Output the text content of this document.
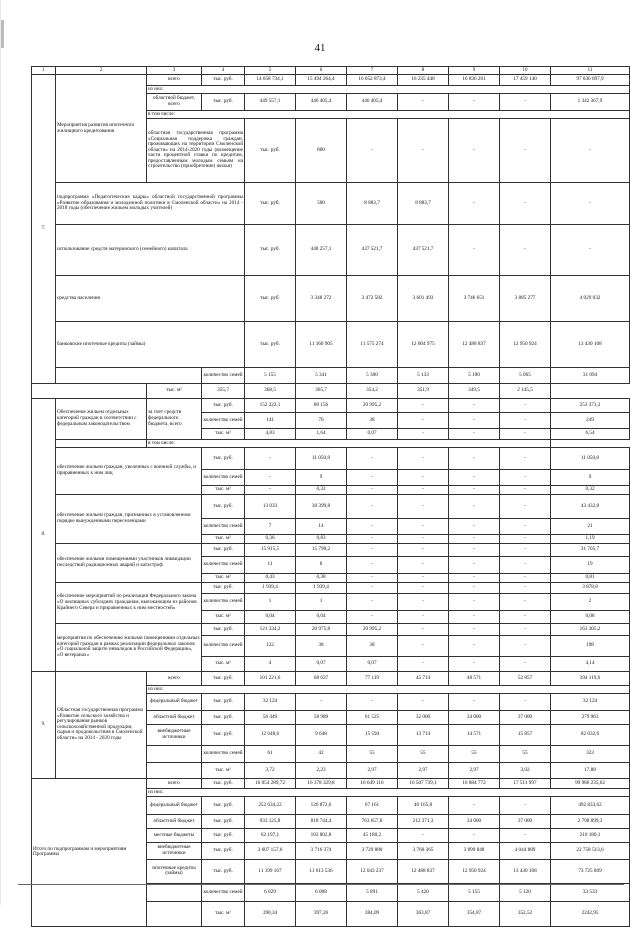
41
1	2	3	4	5	6	7	8	9	10	11	
7.	Мероприятия развития ипотечного жилищного кредитования	всего	тыс. руб.	14 058 734,1	15 494 264,4	16 052 873,4	16 235 448	16 836 201	17 459 140	97 036 697,9	
		из них:									
		областной бюджет, всего	тыс. руб.	449 557,1	446 405,4	446 405,4	-	-	-	1 342 367,9	
		в том числе:									
		областная государственная программа «Социальная поддержка граждан, проживающих на территории Смоленской области» на 2014-2020 годы (возмещение части процентной ставки по кредитам, предоставленным молодым семьям на строительство (приобретение) жилья)		тыс. руб.	800	-	-	-	-	-	
	подпрограмма «Педагогические кадры» областной государственной программы «Развитие образования и молодежной политики в Смоленской области» на 2014 - 2018 годы (обеспечение жильем молодых учителей)			тыс. руб.	500	8 883,7	8 883,7	-	-	-	
	использование средств материнского (семейного) капитала			тыс. руб.	448 257,1	437 521,7	437 521,7	-	-	-	
	средства населения			тыс. руб.	3 348 272	3 472 582	3 601 493	3 746 651	3 885 277	4 029 032	
	банковские ипотечные кредиты (займы)			тыс. руб.	11 160 905	11 575 274	12 004 975	12 488 837	12 950 924	13 430 108	
			количество семей	5 155	5 341	5 300	5 133	5 100	5 065	31 094	
		тыс. м²	355,7	368,5	365,7	354,2	351,9	349,5	2 145,5		
8.	Обеспечение жильем отдельных категорий граждан в соответствии с федеральным законодательством	за счет средств федерального бюджета, всего	тыс. руб.	152 222,1	80 156	20 995,2	-	-	-	253 373,3	
			количество семей	141	70	38	-	-	-	249	
			тыс. м²	4,83	1,64	0,07	-	-	-	6,54	
		в том числе:									
	обеспечение жильем граждан, уволенных с военной службы, и приравненных к ним лиц		тыс. руб.	-	11 050,8	-	-	-	-	11 050,8	
			количество семей	-	9	-	-	-	-	9	
			тыс. м²	-	0,32	-	-	-	-	0,32	
	обеспечение жильем граждан, признанных в установленном порядке вынужденными переселенцами		тыс. руб.	13 033	30 399,8	-	-	-	-	43 432,8	
			количество семей	7	14	-	-	-	-	21	
			тыс. м²	0,36	0,83	-	-	-	-	1,19	
	обеспечение жилыми помещениями участников ликвидации последствий радиационных аварий и катастроф		тыс. руб.	15 915,5	15 790,2	-	-	-	-	31 705,7	
			количество семей	11	8	-	-	-	-	19	
			тыс. м²	0,43	0,38	-	-	-	-	0,81	
	обеспечение мероприятий по реализации Федерального закона «О жилищных субсидиях гражданам, выезжающим из районов Крайнего Севера и приравненных к ним местностей»		тыс. руб.	1 939,4	1 939,4	-	-	-	-	3 878,8	
			количество семей	1	1	-	-	-	-	2	
			тыс. м²	0,04	0,04	-	-	-	-	0,08	
	мероприятия по обеспечению жилыми помещениями отдельных категорий граждан в рамках реализации федеральных законов «О социальной защите инвалидов в Российской Федерации», «О ветеранах»		тыс. руб.	121 334,2	20 975,8	20 995,2	-	-	-	163 305,2	
			количество семей	122	38	38	-	-	-	198	
			тыс. м²	4	0,07	0,07	-	-	-	4,14	
9.	Областная государственная программа «Развитие сельского хозяйства и регулирования рынков сельскохозяйственной продукции, сырья и продовольствия в Смоленской области» на 2014 - 2020 годы	всего	тыс. руб.	101 221,6	68 637	77 119	45 714	48 571	52 857	394 119,6	
		из них:									
		федеральный бюджет	тыс. руб.	32 124	-	-	-	-	-	32 124	
		областной бюджет	тыс. руб.	56 449	58 989	61 525	32 000	34 000	37 000	279 963	
		внебюджетные источники	тыс. руб.	12 648,6	9 648	15 594	13 714	14 571	15 857	82 032,6	
			количество семей	61	42	55	55	55	55	323	
			тыс. м²	3,72	2,23	2,97	2,97	2,97	3,02	17,88	
Итого по подпрограммам и мероприятиям Программы		всего	тыс. руб.	16 054 289,72	16 378 329,8	16 649 116	16 507 739,1	16 884 772	17 511 997	99 986 235,62	
		из них:									
		федеральный бюджет	тыс. руб.	252 634,22	126 872,6	67 161	46 165,8	-	-	492 833,62	
		областной бюджет	тыс. руб.	933 125,8	818 744,4	763 657,8	212 371,3	34 000	37 000	2 798 899,3	
		местные бюджеты	тыс. руб.	62 197,1	102 802,8	45 180,2	-	-	-	210 180,1	
		внебюджетные источники	тыс. руб.	3 607 157,6	3 716 374	3 729 880	3 760 365	3 899 848	4 044 889	22 758 513,6	
		ипотечные кредиты (займы)	тыс. руб.	11 199 167	11 613 536	12 043 237	12 488 837	12 950 924	13 430 108	73 725 809	
			количество семей	6 029	6 008	5 891	5 420	5 155	5 120	33 533	
			тыс. м²	390,34	397,26	384,09	363,87	354,87	352,52	2242,95	
